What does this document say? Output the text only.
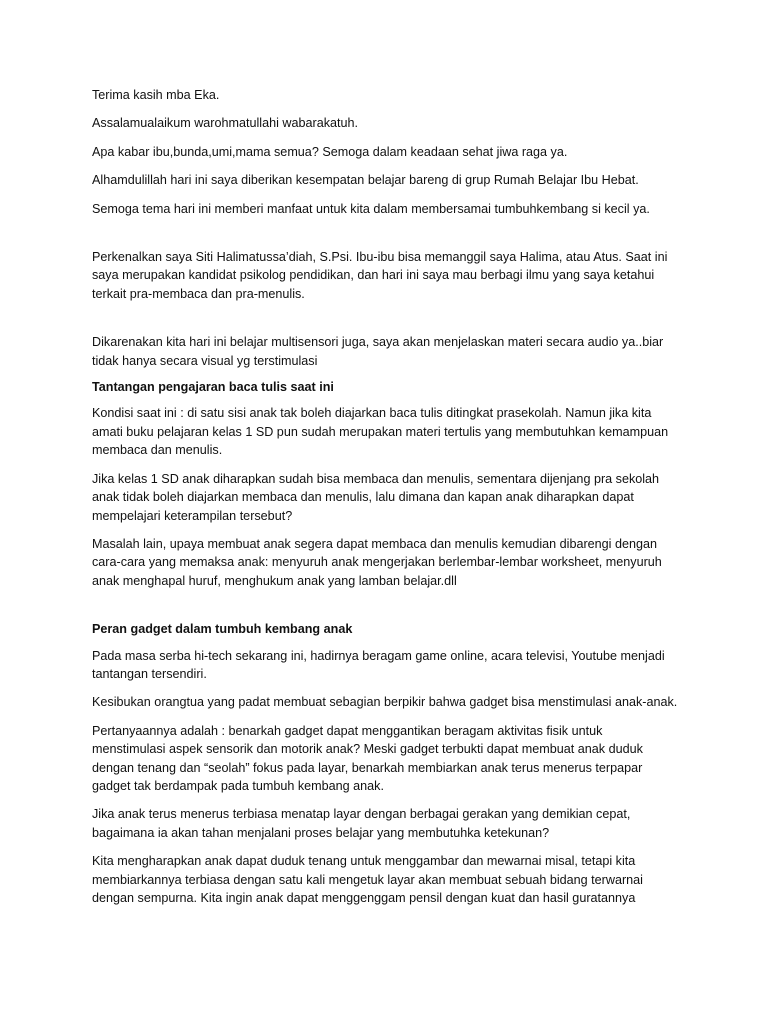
Terima kasih mba Eka.

Assalamualaikum warohmatullahi wabarakatuh.

Apa kabar ibu,bunda,umi,mama semua? Semoga dalam keadaan sehat jiwa raga ya.

Alhamdulillah hari ini saya diberikan kesempatan belajar bareng di grup Rumah Belajar Ibu Hebat.

Semoga tema hari ini memberi manfaat untuk kita dalam membersamai tumbuhkembang si kecil ya.

Perkenalkan saya Siti Halimatussa’diah, S.Psi. Ibu-ibu bisa memanggil saya Halima, atau Atus. Saat ini saya merupakan kandidat psikolog pendidikan, dan hari ini saya mau berbagi ilmu yang saya ketahui terkait pra-membaca dan pra-menulis.

Dikarenakan kita hari ini belajar multisensori juga, saya akan menjelaskan materi secara audio ya..biar tidak hanya secara visual yg terstimulasi

Tantangan pengajaran baca tulis saat ini

Kondisi saat ini : di satu sisi anak tak boleh diajarkan baca tulis ditingkat prasekolah. Namun jika kita amati buku pelajaran kelas 1 SD pun sudah merupakan materi tertulis yang membutuhkan kemampuan membaca dan menulis.

Jika kelas 1 SD anak diharapkan sudah bisa membaca dan menulis, sementara dijenjang pra sekolah anak tidak boleh diajarkan membaca dan menulis, lalu dimana dan kapan anak diharapkan dapat mempelajari keterampilan tersebut?

Masalah lain, upaya membuat anak segera dapat membaca dan menulis kemudian dibarengi dengan cara-cara yang memaksa anak: menyuruh anak mengerjakan berlembar-lembar worksheet, menyuruh anak menghapal huruf, menghukum anak yang lamban belajar.dll

Peran gadget dalam tumbuh kembang anak

Pada masa serba hi-tech sekarang ini, hadirnya beragam game online, acara televisi, Youtube menjadi tantangan tersendiri.

Kesibukan orangtua yang padat membuat sebagian berpikir bahwa gadget bisa menstimulasi anak-anak.

Pertanyaannya adalah : benarkah gadget dapat menggantikan beragam aktivitas fisik untuk menstimulasi aspek sensorik dan motorik anak? Meski gadget terbukti dapat membuat anak duduk dengan tenang dan “seolah” fokus pada layar, benarkah membiarkan anak terus menerus terpapar gadget tak berdampak pada tumbuh kembang anak.

Jika anak terus menerus terbiasa menatap layar dengan berbagai gerakan yang demikian cepat, bagaimana ia akan tahan menjalani proses belajar yang membutuhka ketekunan?

Kita mengharapkan anak dapat duduk tenang untuk menggambar dan mewarnai misal, tetapi kita membiarkannya terbiasa dengan satu kali mengetuk layar akan membuat sebuah bidang terwarnai dengan sempurna. Kita ingin anak dapat menggenggam pensil dengan kuat dan hasil guratannya
